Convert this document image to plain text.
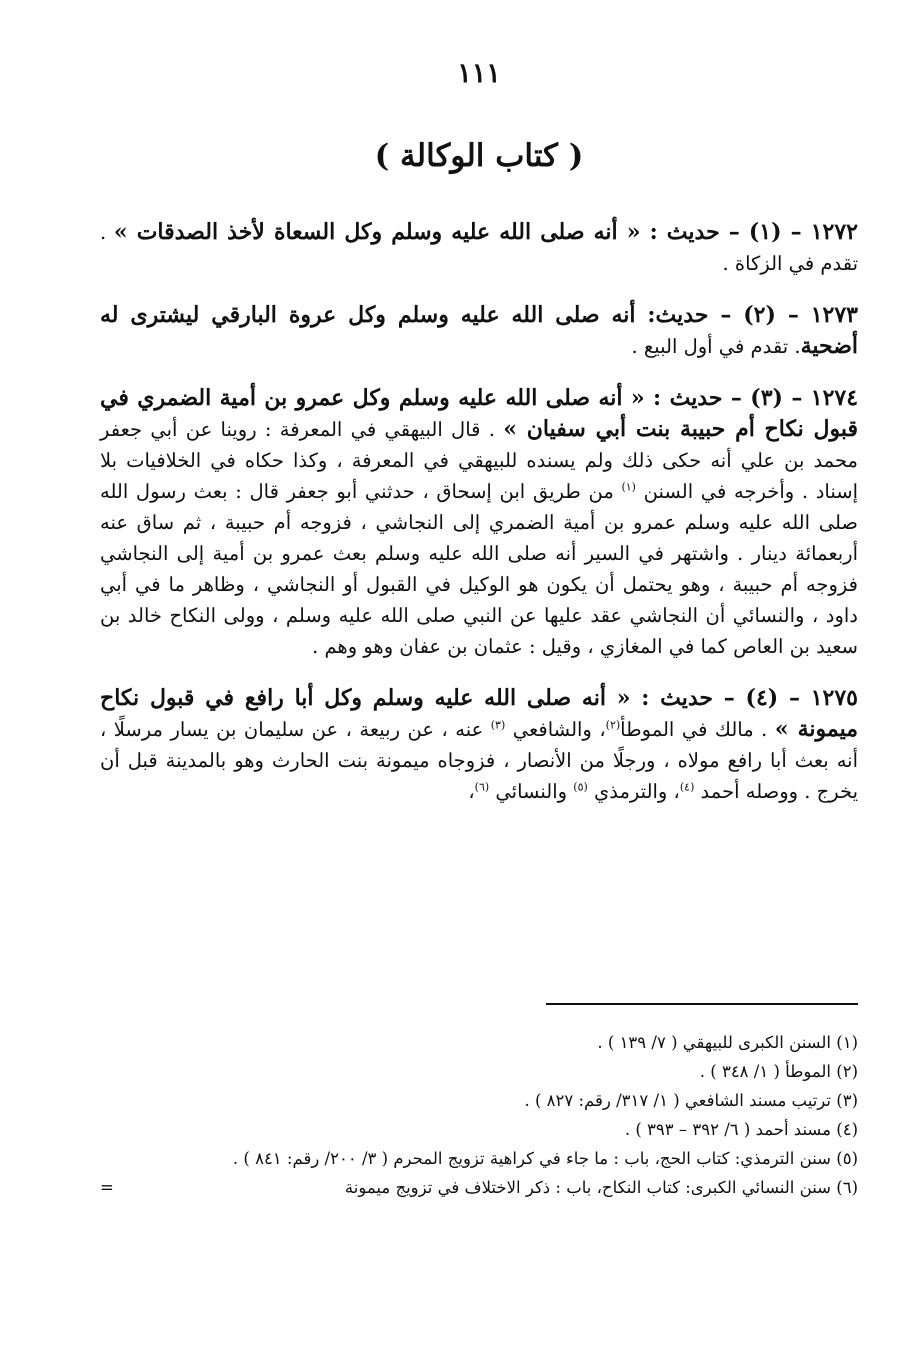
١١١
( كتاب الوكالة )

١٢٧٢ – (١) – حديث : « أنه صلى الله عليه وسلم وكل السعاة لأخذ الصدقات » . تقدم في الزكاة .

١٢٧٣ – (٢) – حديث: أنه صلى الله عليه وسلم وكل عروة البارقي ليشترى له أضحية. تقدم في أول البيع .

١٢٧٤ – (٣) – حديث : « أنه صلى الله عليه وسلم وكل عمرو بن أمية الضمري في قبول نكاح أم حبيبة بنت أبي سفيان » . قال البيهقي في المعرفة : روينا عن أبي جعفر محمد بن علي أنه حكى ذلك ولم يسنده للبيهقي في المعرفة ، وكذا حكاه في الخلافيات بلا إسناد . وأخرجه في السنن $^{(١)}$ من طريق ابن إسحاق ، حدثني أبو جعفر قال : بعث رسول الله صلى الله عليه وسلم عمرو بن أمية الضمري إلى النجاشي ، فزوجه أم حبيبة ، ثم ساق عنه أربعمائة دينار . واشتهر في السير أنه صلى الله عليه وسلم بعث عمرو بن أمية إلى النجاشي فزوجه أم حبيبة ، وهو يحتمل أن يكون هو الوكيل في القبول أو النجاشي ، وظاهر ما في أبي داود ، والنسائي أن النجاشي عقد عليها عن النبي صلى الله عليه وسلم ، وولى النكاح خالد بن سعيد بن العاص كما في المغازي ، وقيل : عثمان بن عفان وهو وهم .

١٢٧٥ – (٤) – حديث : « أنه صلى الله عليه وسلم وكل أبا رافع في قبول نكاح ميمونة » . مالك في الموطأ$^{(٢)}$، والشافعي $^{(٣)}$ عنه ، عن ربيعة ، عن سليمان بن يسار مرسلًا ، أنه بعث أبا رافع مولاه ، ورجلًا من الأنصار ، فزوجاه ميمونة بنت الحارث وهو بالمدينة قبل أن يخرج . ووصله أحمد $^{(٤)}$، والترمذي $^{(٥)}$ والنسائي $^{(٦)}$،

(١) السنن الكبرى للبيهقي ( ٧/ ١٣٩ ) .

(٢) الموطأ ( ١/ ٣٤٨ ) .

(٣) ترتيب مسند الشافعي ( ١/ ٣١٧/ رقم: ٨٢٧ ) .

(٤) مسند أحمد ( ٦/ ٣٩٢ – ٣٩٣ ) .

(٥) سنن الترمذي: كتاب الحج، باب : ما جاء في كراهية تزويج المحرم ( ٣/ ٢٠٠/ رقم: ٨٤١ ) .

(٦) سنن النسائي الكبرى: كتاب النكاح، باب : ذكر الاختلاف في تزويج ميمونة
=
